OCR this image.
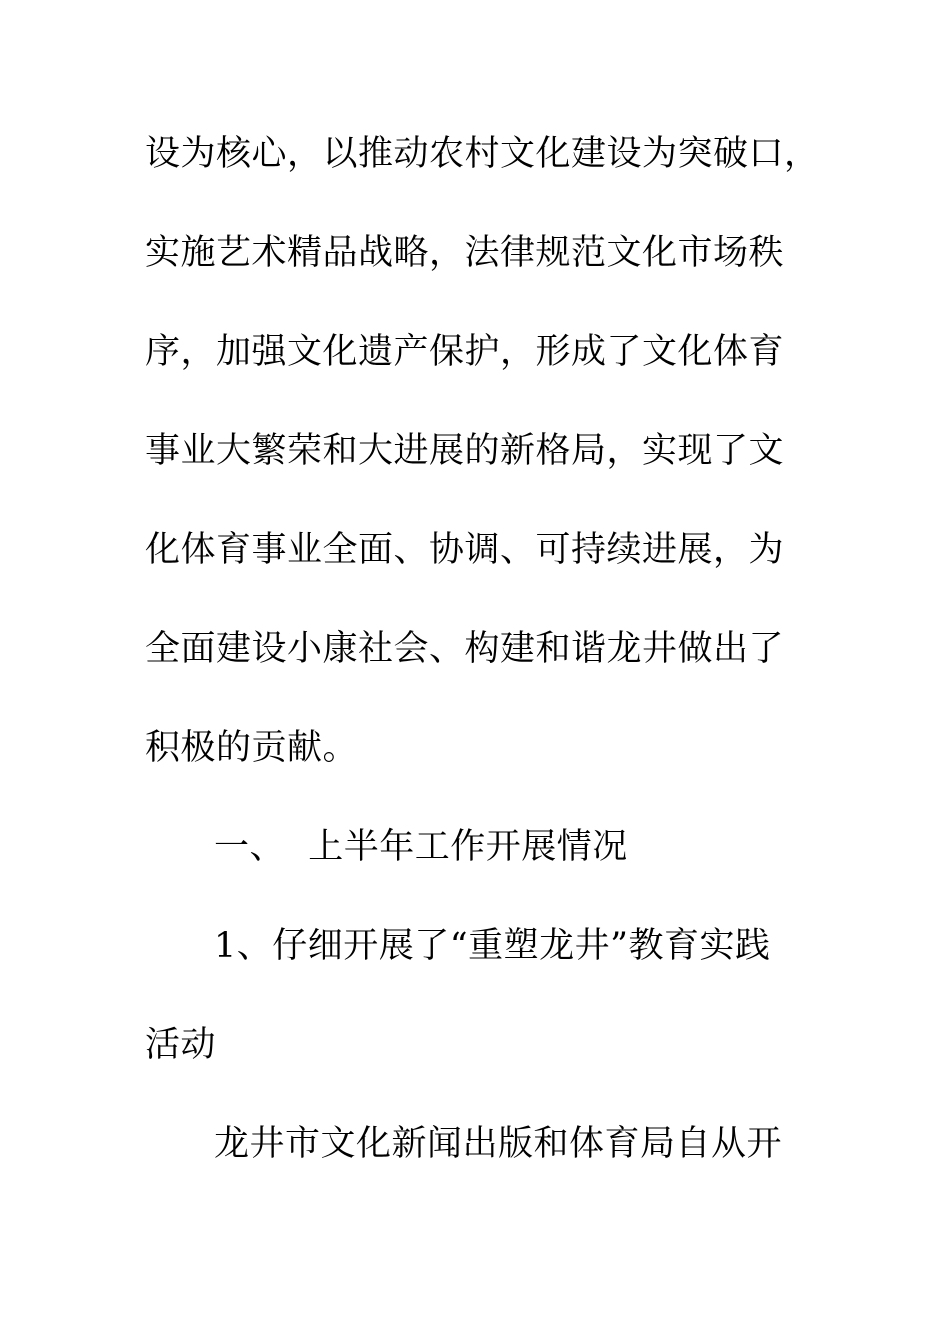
设为核心，以推动农村文化建设为突破口，
实施艺术精品战略，法律规范文化市场秩
序，加强文化遗产保护，形成了文化体育
事业大繁荣和大进展的新格局，实现了文
化体育事业全面、协调、可持续进展，为
全面建设小康社会、构建和谐龙井做出了
积极的贡献。
一、  上半年工作开展情况
1、仔细开展了“重塑龙井”教育实践
活动
龙井市文化新闻出版和体育局自从开
